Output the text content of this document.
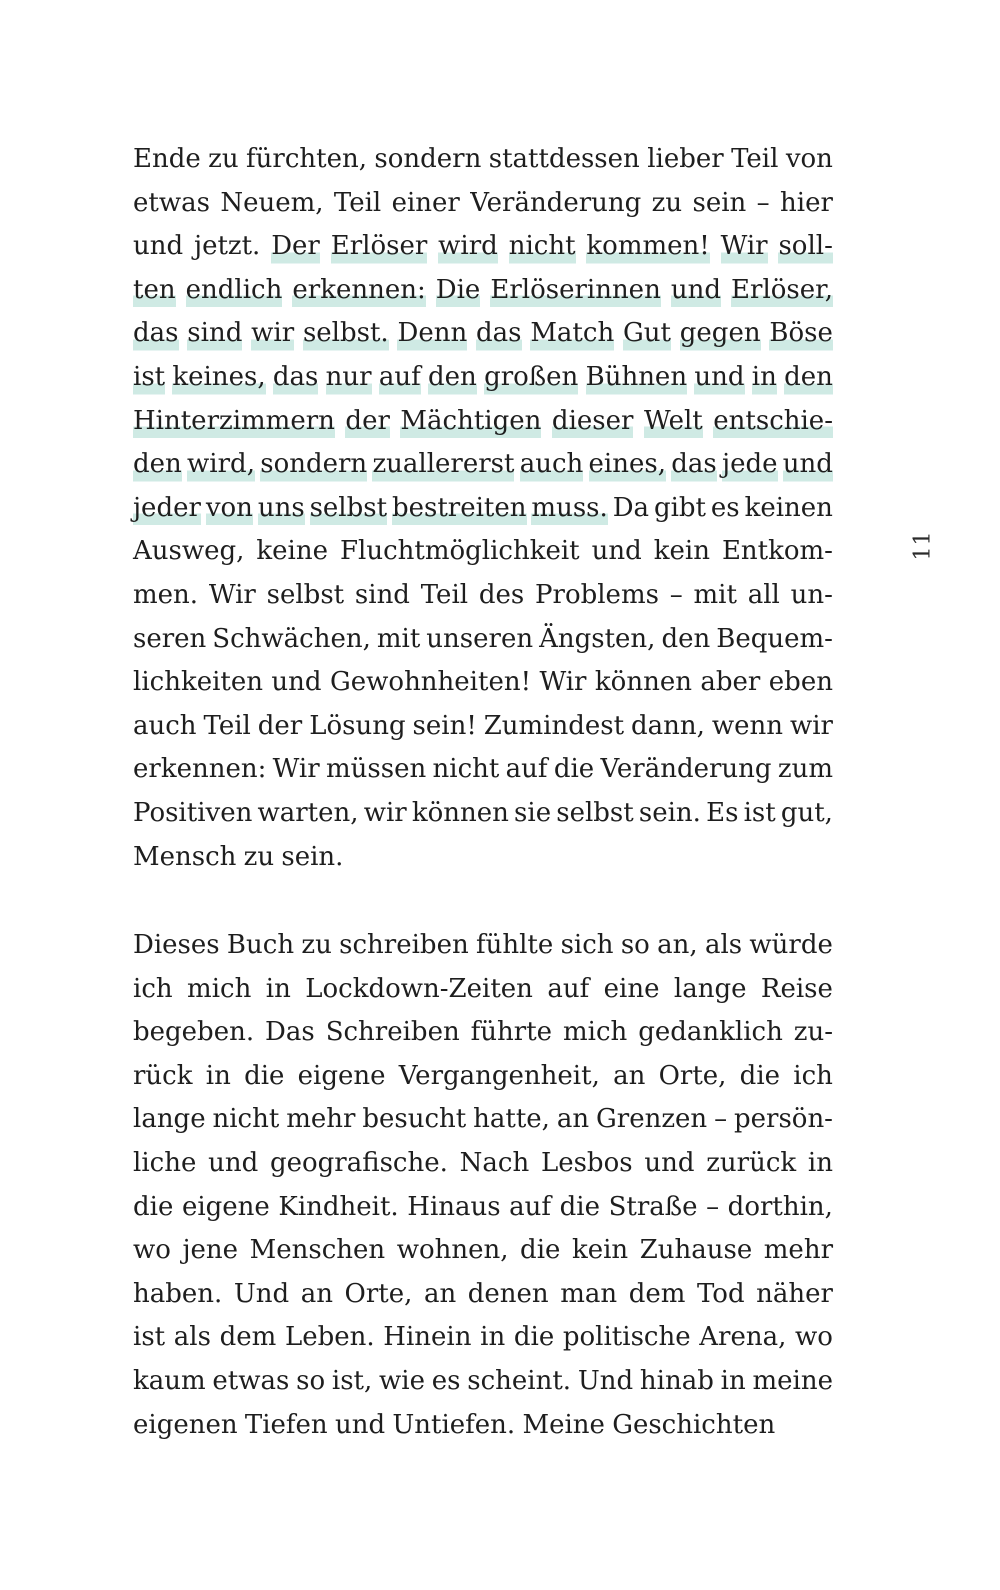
Ende zu fürchten, sondern stattdessen lieber Teil von
etwas Neuem, Teil einer Veränderung zu sein – hier
und jetzt. Der Erlöser wird nicht kommen! Wir soll-
ten endlich erkennen: Die Erlöserinnen und Erlöser,
das sind wir selbst. Denn das Match Gut gegen Böse
ist keines, das nur auf den großen Bühnen und in den
Hinterzimmern der Mächtigen dieser Welt entschie-
den wird, sondern zuallererst auch eines, das jede und
jeder von uns selbst bestreiten muss. Da gibt es keinen
Ausweg, keine Fluchtmöglichkeit und kein Entkom-
men. Wir selbst sind Teil des Problems – mit all un-
seren Schwächen, mit unseren Ängsten, den Bequem-
lichkeiten und Gewohnheiten! Wir können aber eben
auch Teil der Lösung sein! Zumindest dann, wenn wir
erkennen: Wir müssen nicht auf die Veränderung zum
Positiven warten, wir können sie selbst sein. Es ist gut,
Mensch zu sein.
Dieses Buch zu schreiben fühlte sich so an, als würde
ich mich in Lockdown-Zeiten auf eine lange Reise
begeben. Das Schreiben führte mich gedanklich zu-
rück in die eigene Vergangenheit, an Orte, die ich
lange nicht mehr besucht hatte, an Grenzen – persön-
liche und geografische. Nach Lesbos und zurück in
die eigene Kindheit. Hinaus auf die Straße – dorthin,
wo jene Menschen wohnen, die kein Zuhause mehr
haben. Und an Orte, an denen man dem Tod näher
ist als dem Leben. Hinein in die politische Arena, wo
kaum etwas so ist, wie es scheint. Und hinab in meine
eigenen Tiefen und Untiefen. Meine Geschichten
11
